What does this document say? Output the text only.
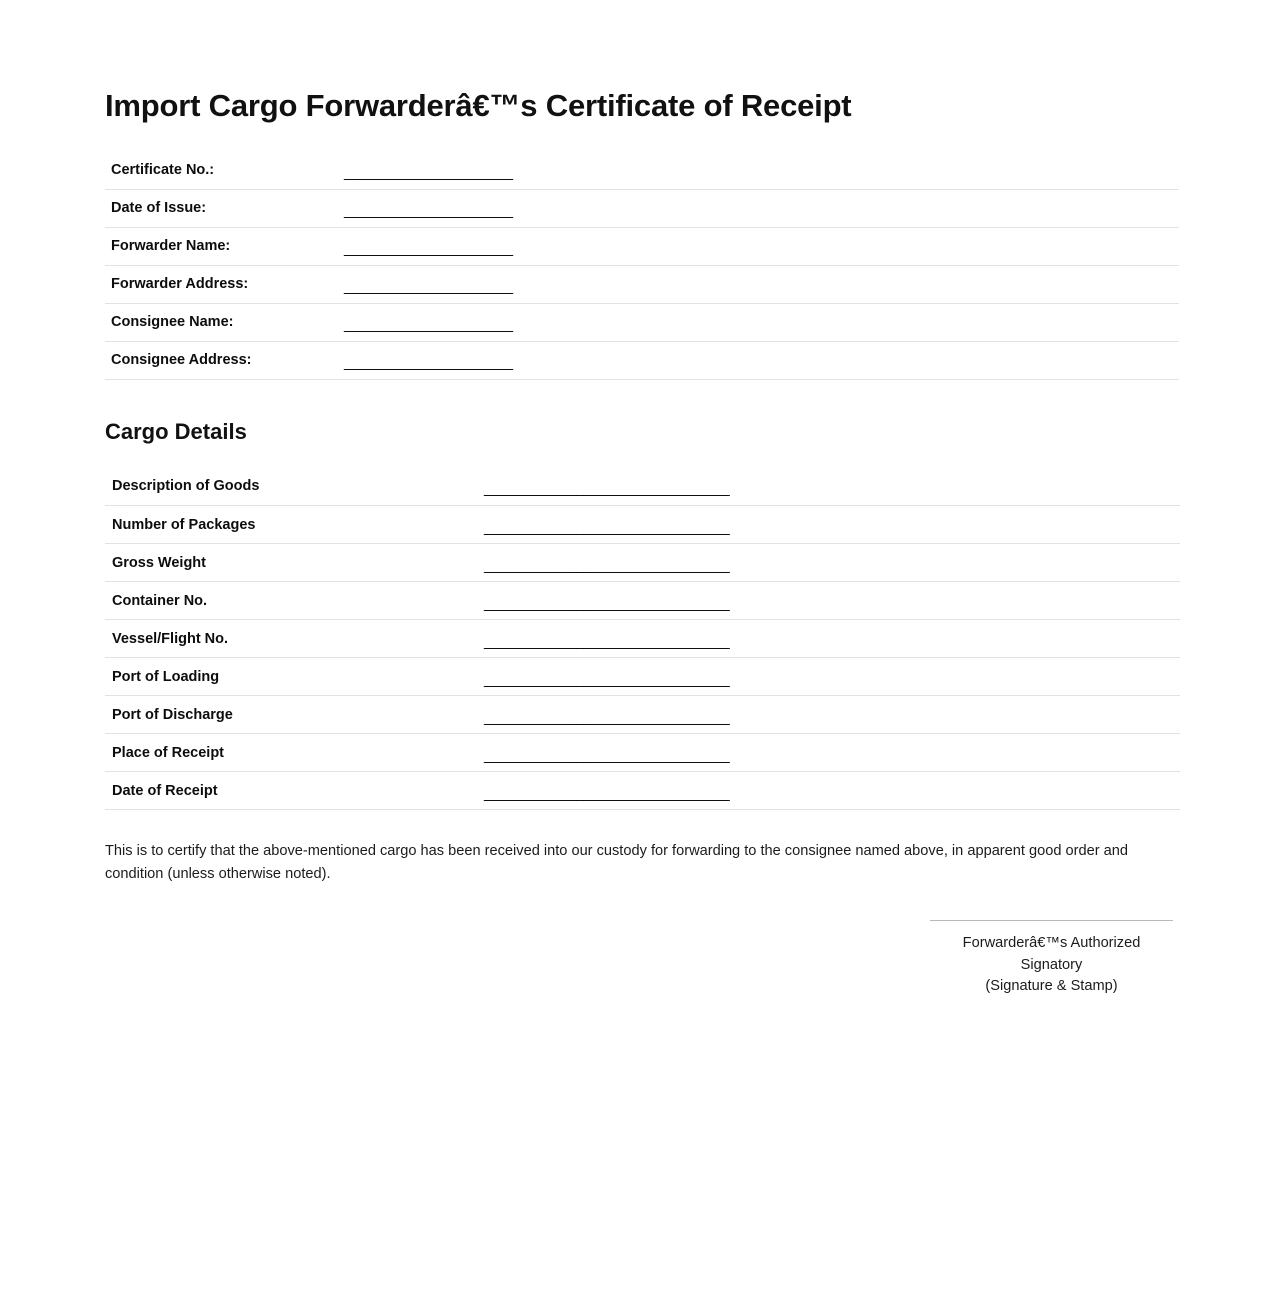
Import Cargo Forwarderâ€™s Certificate of Receipt
Certificate No.:	______________________
Date of Issue:	______________________
Forwarder Name:	______________________
Forwarder Address:	______________________
Consignee Name:	______________________
Consignee Address:	______________________
Cargo Details
Description of Goods	________________________________
Number of Packages	________________________________
Gross Weight	________________________________
Container No.	________________________________
Vessel/Flight No.	________________________________
Port of Loading	________________________________
Port of Discharge	________________________________
Place of Receipt	________________________________
Date of Receipt	________________________________

This is to certify that the above-mentioned cargo has been received into our custody for forwarding to the consignee named above, in apparent good order and condition (unless otherwise noted).

Forwarderâ€™s Authorized
Signatory
(Signature & Stamp)
